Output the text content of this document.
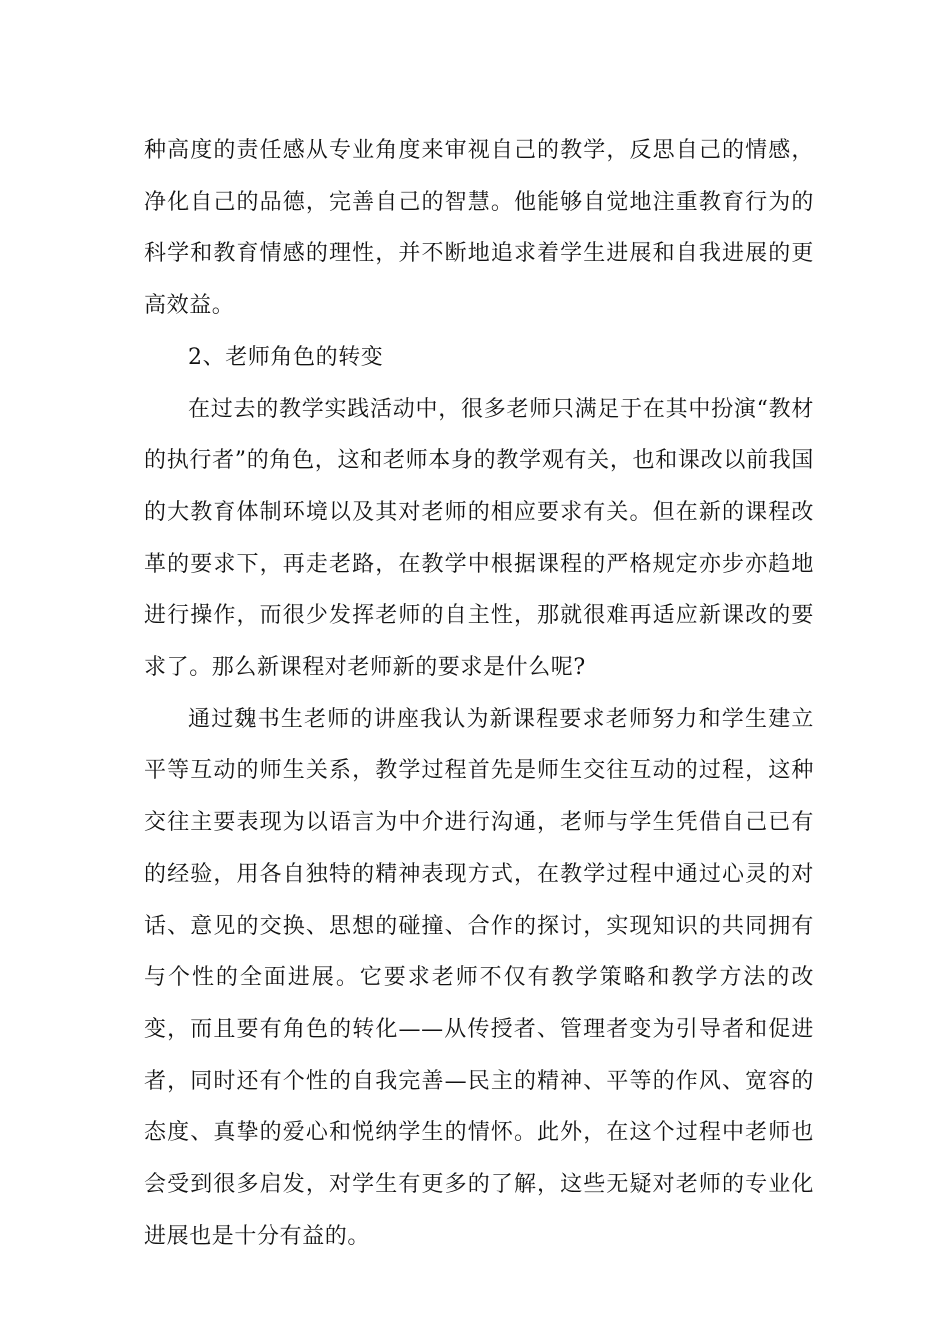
种高度的责任感从专业角度来审视自己的教学，反思自己的情感，净化自己的品德，完善自己的智慧。他能够自觉地注重教育行为的科学和教育情感的理性，并不断地追求着学生进展和自我进展的更高效益。

2、老师角色的转变

在过去的教学实践活动中，很多老师只满足于在其中扮演“教材的执行者”的角色，这和老师本身的教学观有关，也和课改以前我国的大教育体制环境以及其对老师的相应要求有关。但在新的课程改革的要求下，再走老路，在教学中根据课程的严格规定亦步亦趋地进行操作，而很少发挥老师的自主性，那就很难再适应新课改的要求了。那么新课程对老师新的要求是什么呢?

通过魏书生老师的讲座我认为新课程要求老师努力和学生建立平等互动的师生关系，教学过程首先是师生交往互动的过程，这种交往主要表现为以语言为中介进行沟通，老师与学生凭借自己已有的经验，用各自独特的精神表现方式，在教学过程中通过心灵的对话、意见的交换、思想的碰撞、合作的探讨，实现知识的共同拥有与个性的全面进展。它要求老师不仅有教学策略和教学方法的改变，而且要有角色的转化——从传授者、管理者变为引导者和促进者，同时还有个性的自我完善—民主的精神、平等的作风、宽容的态度、真挚的爱心和悦纳学生的情怀。此外，在这个过程中老师也会受到很多启发，对学生有更多的了解，这些无疑对老师的专业化进展也是十分有益的。
